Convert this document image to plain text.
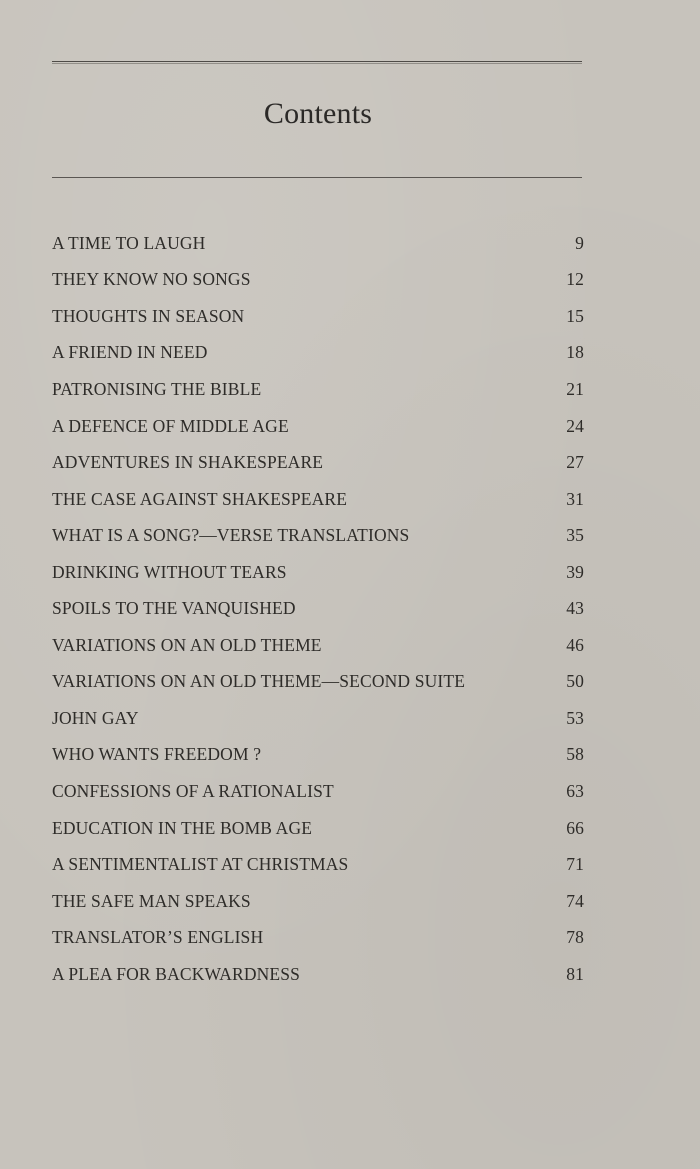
Contents
A TIME TO LAUGH	9
THEY KNOW NO SONGS	12
THOUGHTS IN SEASON	15
A FRIEND IN NEED	18
PATRONISING THE BIBLE	21
A DEFENCE OF MIDDLE AGE	24
ADVENTURES IN SHAKESPEARE	27
THE CASE AGAINST SHAKESPEARE	31
WHAT IS A SONG?—VERSE TRANSLATIONS	35
DRINKING WITHOUT TEARS	39
SPOILS TO THE VANQUISHED	43
VARIATIONS ON AN OLD THEME	46
VARIATIONS ON AN OLD THEME—SECOND SUITE	50
JOHN GAY	53
WHO WANTS FREEDOM ?	58
CONFESSIONS OF A RATIONALIST	63
EDUCATION IN THE BOMB AGE	66
A SENTIMENTALIST AT CHRISTMAS	71
THE SAFE MAN SPEAKS	74
TRANSLATOR’S ENGLISH	78
A PLEA FOR BACKWARDNESS	81
